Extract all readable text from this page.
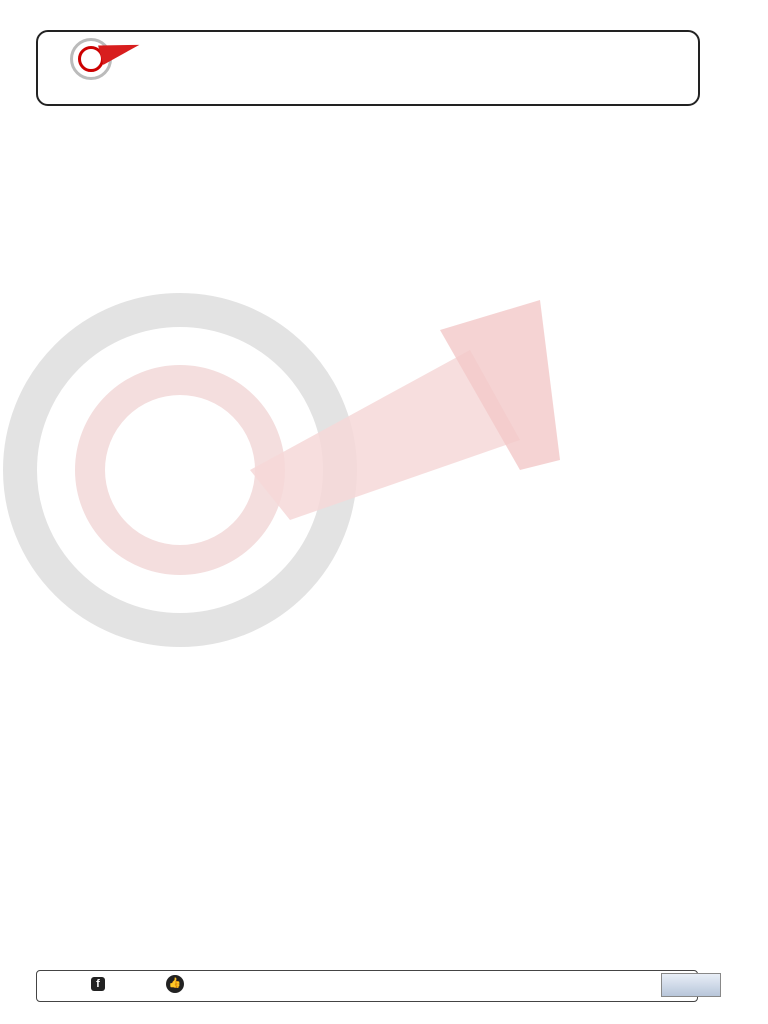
f	👍
